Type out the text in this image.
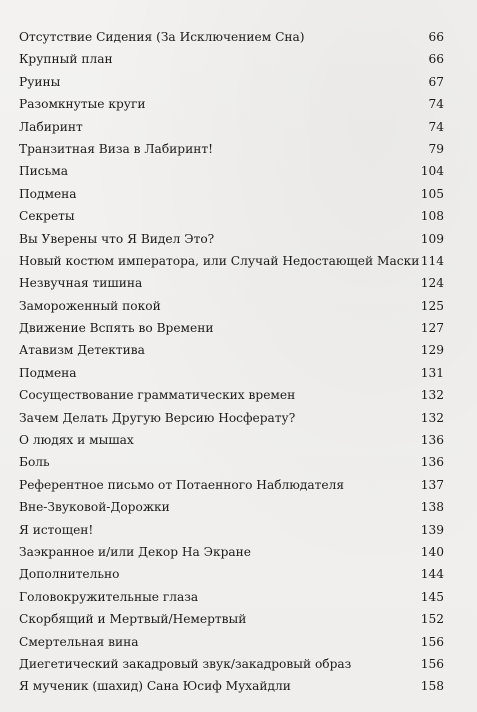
Отсутствие Сидения (За Исключением Сна)	66
Крупный план	66
Руины	67
Разомкнутые круги	74
Лабиринт	74
Транзитная Виза в Лабиринт!	79
Письма	104
Подмена	105
Секреты	108
Вы Уверены что Я Видел Это?	109
Новый костюм императора, или Случай Недостающей Маски 114
Незвучная тишина	124
Замороженный покой	125
Движение Вспять во Времени	127
Атавизм Детектива	129
Подмена	131
Сосуществование грамматических времен	132
Зачем Делать Другую Версию Носферату?	132
О людях и мышах	136
Боль	136
Референтное письмо от Потаенного Наблюдателя	137
Вне-Звуковой-Дорожки	138
Я истощен!	139
Заэкранное и/или Декор На Экране	140
Дополнительно	144
Головокружительные глаза	145
Скорбящий и Мертвый/Немертвый	152
Смертельная вина	156
Диегетический закадровый звук/закадровый образ	156
Я мученик (шахид) Сана Юсиф Мухайдли	158
